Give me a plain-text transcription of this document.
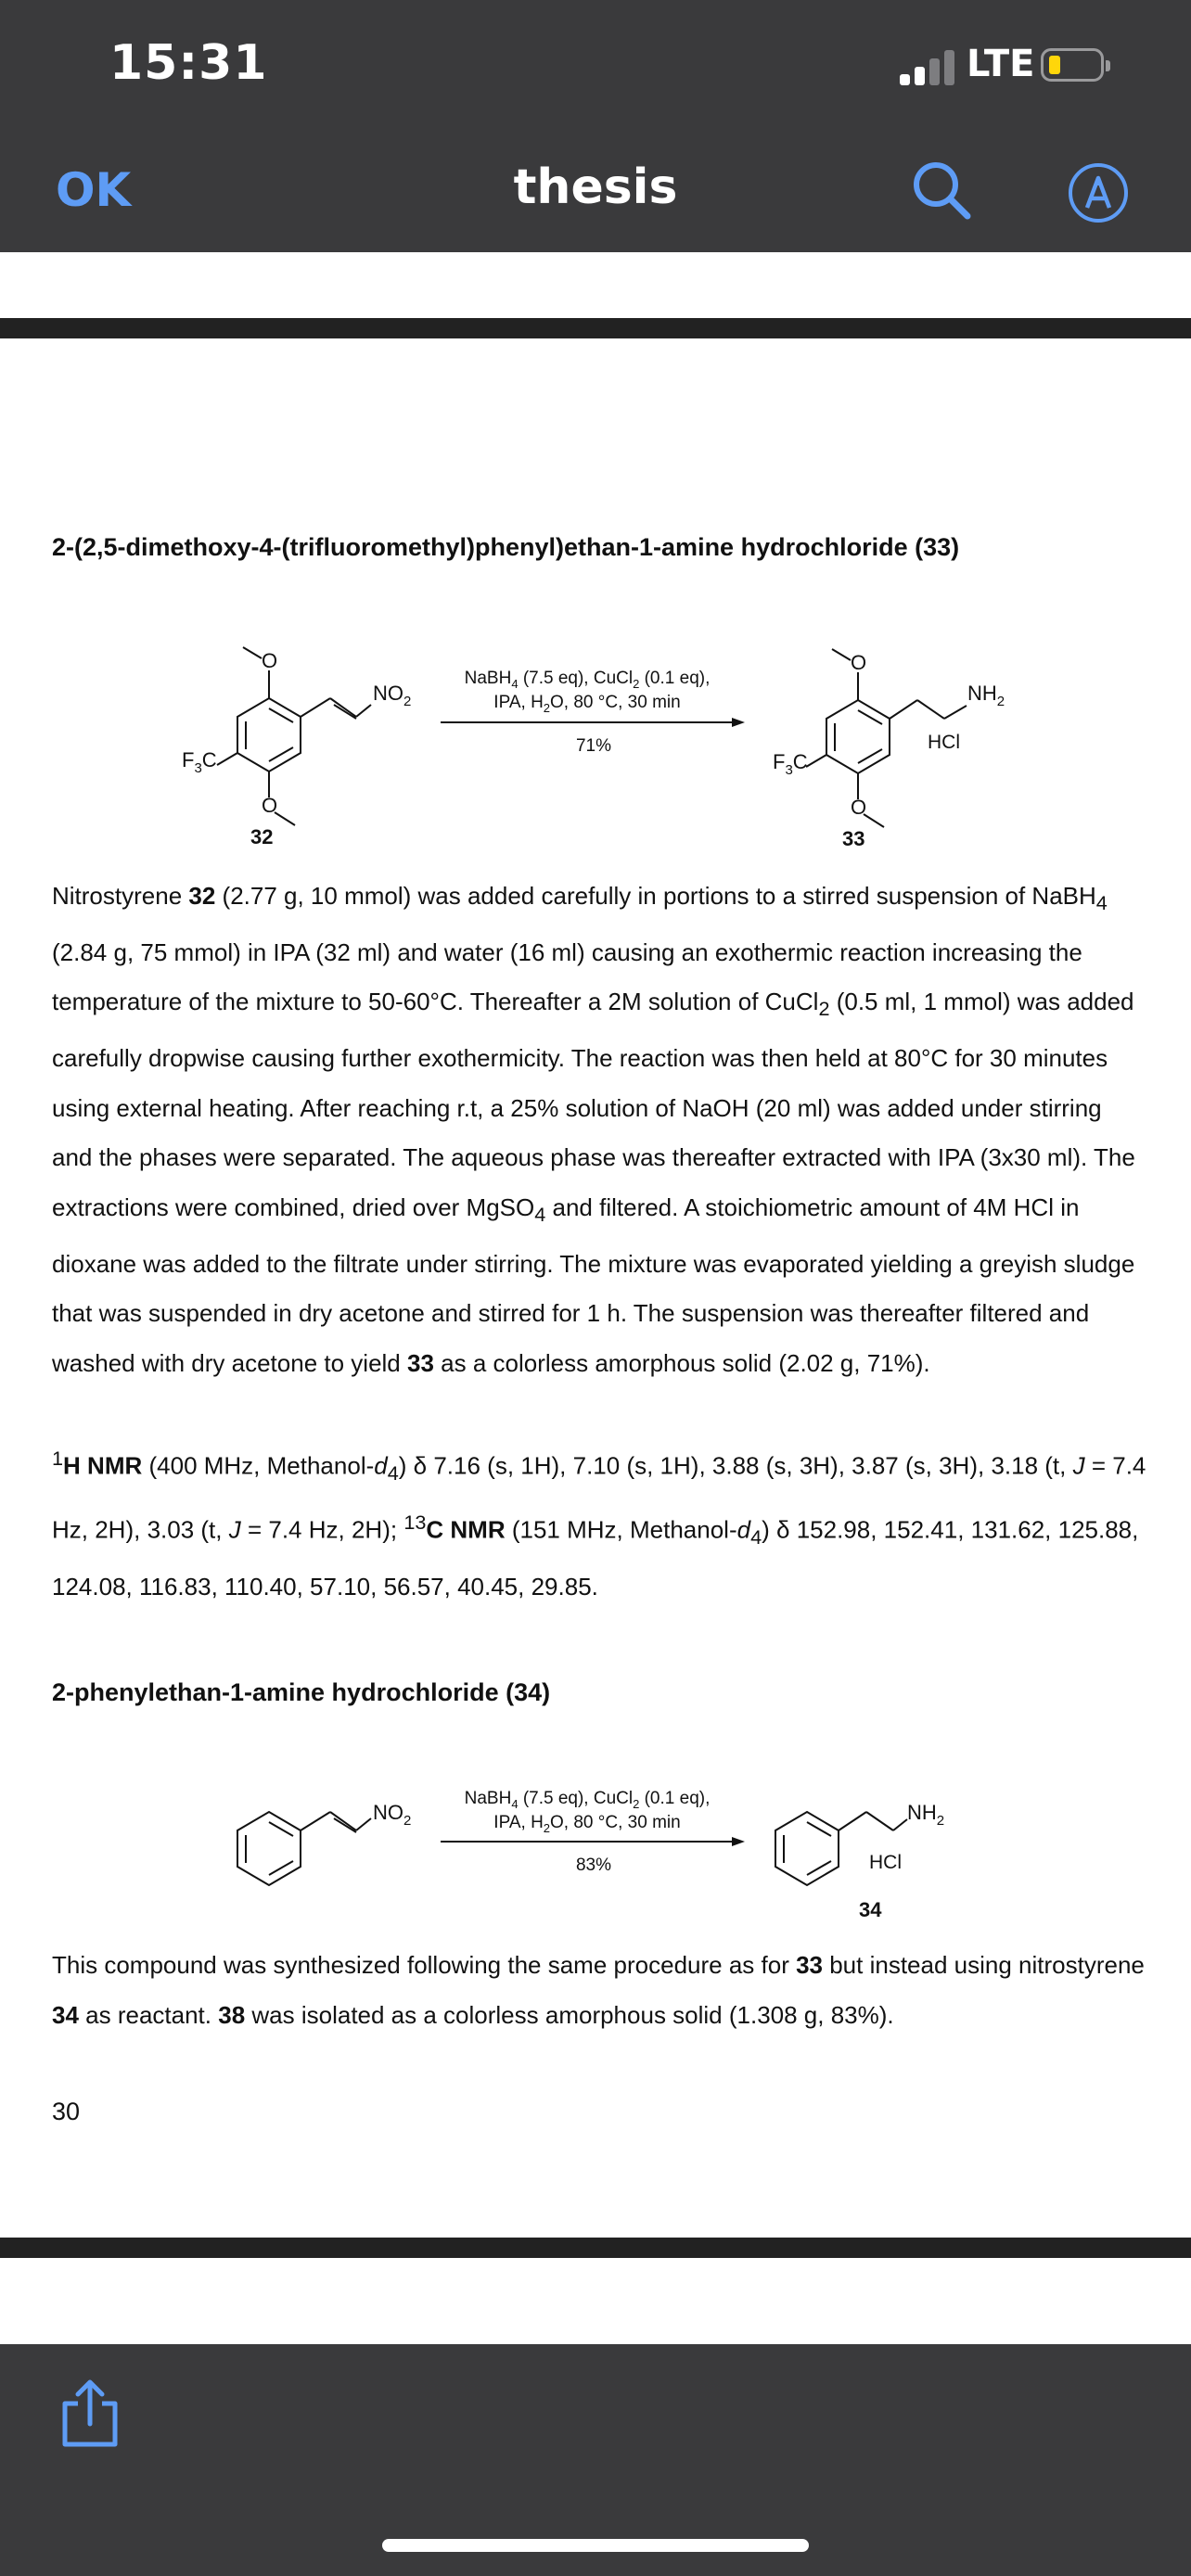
15:31	LTE
OK	thesis
2-(2,5-dimethoxy-4-(trifluoromethyl)phenyl)ethan-1-amine hydrochloride (33)
O
O
$NO_2$
$F_3C$
32
NaBH$_4$ (7.5 eq), CuCl$_2$ (0.1 eq),
IPA, $H_2O$, 80 °C, 30 min
71%
O
O
$NH_2$
$F_3C$
HCl
33
Nitrostyrene 32 (2.77 g, 10 mmol) was added carefully in portions to a stirred suspension of NaBH$_4$ (2.84 g, 75 mmol) in IPA (32 ml) and water (16 ml) causing an exothermic reaction increasing the temperature of the mixture to 50-60°C. Thereafter a 2M solution of CuCl$_2$ (0.5 ml, 1 mmol) was added carefully dropwise causing further exothermicity. The reaction was then held at 80°C for 30 minutes using external heating. After reaching r.t, a 25% solution of NaOH (20 ml) was added under stirring and the phases were separated. The aqueous phase was thereafter extracted with IPA (3x30 ml). The extractions were combined, dried over MgSO$_4$ and filtered. A stoichiometric amount of 4M HCl in dioxane was added to the filtrate under stirring. The mixture was evaporated yielding a greyish sludge that was suspended in dry acetone and stirred for 1 h. The suspension was thereafter filtered and washed with dry acetone to yield 33 as a colorless amorphous solid (2.02 g, 71%).
$^1$H NMR (400 MHz, Methanol-$d_4$) δ 7.16 (s, 1H), 7.10 (s, 1H), 3.88 (s, 3H), 3.87 (s, 3H), 3.18 (t, J = 7.4 Hz, 2H), 3.03 (t, J = 7.4 Hz, 2H); $^{13}$C NMR (151 MHz, Methanol-$d_4$) δ 152.98, 152.41, 131.62, 125.88, 124.08, 116.83, 110.40, 57.10, 56.57, 40.45, 29.85.
2-phenylethan-1-amine hydrochloride (34)
$NO_2$
NaBH$_4$ (7.5 eq), CuCl$_2$ (0.1 eq),
IPA, $H_2O$, 80 °C, 30 min
83%
$NH_2$
HCl
34
This compound was synthesized following the same procedure as for 33 but instead using nitrostyrene 34 as reactant. 38 was isolated as a colorless amorphous solid (1.308 g, 83%).
30
